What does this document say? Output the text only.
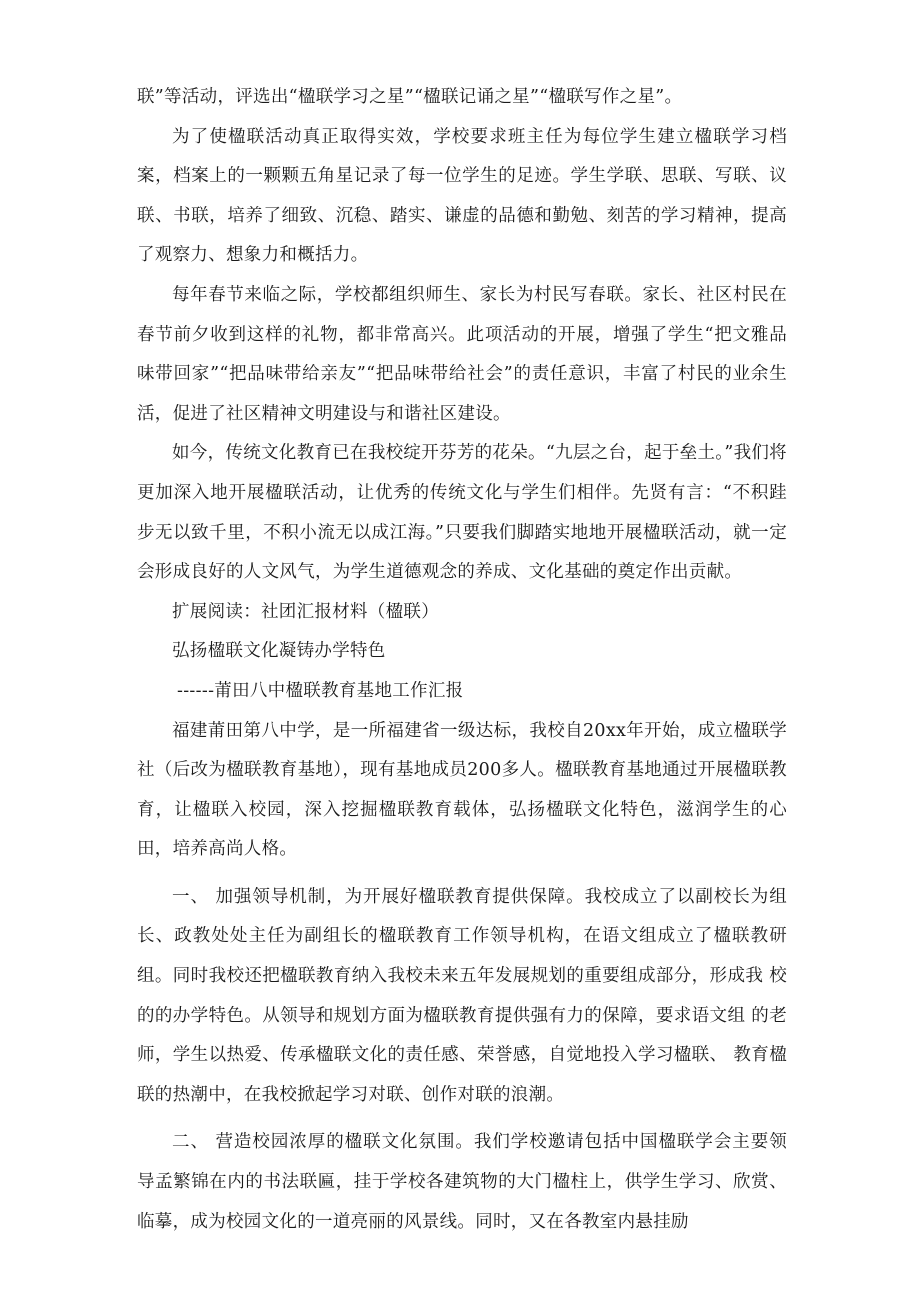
联”等活动，评选出“楹联学习之星”“楹联记诵之星”“楹联写作之星”。

为了使楹联活动真正取得实效，学校要求班主任为每位学生建立楹联学习档案，档案上的一颗颗五角星记录了每一位学生的足迹。学生学联、思联、写联、议联、书联，培养了细致、沉稳、踏实、谦虚的品德和勤勉、刻苦的学习精神，提高了观察力、想象力和概括力。

每年春节来临之际，学校都组织师生、家长为村民写春联。家长、社区村民在春节前夕收到这样的礼物，都非常高兴。此项活动的开展，增强了学生“把文雅品味带回家”“把品味带给亲友”“把品味带给社会”的责任意识，丰富了村民的业余生活，促进了社区精神文明建设与和谐社区建设。

如今，传统文化教育已在我校绽开芬芳的花朵。“九层之台，起于垒土。”我们将更加深入地开展楹联活动，让优秀的传统文化与学生们相伴。先贤有言：“不积跬步无以致千里，不积小流无以成江海。”只要我们脚踏实地地开展楹联活动，就一定会形成良好的人文风气，为学生道德观念的养成、文化基础的奠定作出贡献。

扩展阅读：社团汇报材料（楹联）

弘扬楹联文化凝铸办学特色

------莆田八中楹联教育基地工作汇报

福建莆田第八中学，是一所福建省一级达标，我校自20xx年开始，成立楹联学社（后改为楹联教育基地），现有基地成员200多人。楹联教育基地通过开展楹联教育，让楹联入校园，深入挖掘楹联教育载体，弘扬楹联文化特色，滋润学生的心田，培养高尚人格。

一、 加强领导机制，为开展好楹联教育提供保障。我校成立了以副校长为组 长、政教处处主任为副组长的楹联教育工作领导机构，在语文组成立了楹联教研 组。同时我校还把楹联教育纳入我校未来五年发展规划的重要组成部分，形成我 校的的办学特色。从领导和规划方面为楹联教育提供强有力的保障，要求语文组 的老师，学生以热爱、传承楹联文化的责任感、荣誉感，自觉地投入学习楹联、 教育楹联的热潮中，在我校掀起学习对联、创作对联的浪潮。

二、 营造校园浓厚的楹联文化氛围。我们学校邀请包括中国楹联学会主要领 导孟繁锦在内的书法联匾，挂于学校各建筑物的大门楹柱上，供学生学习、欣赏、 临摹，成为校园文化的一道亮丽的风景线。同时，又在各教室内悬挂励
